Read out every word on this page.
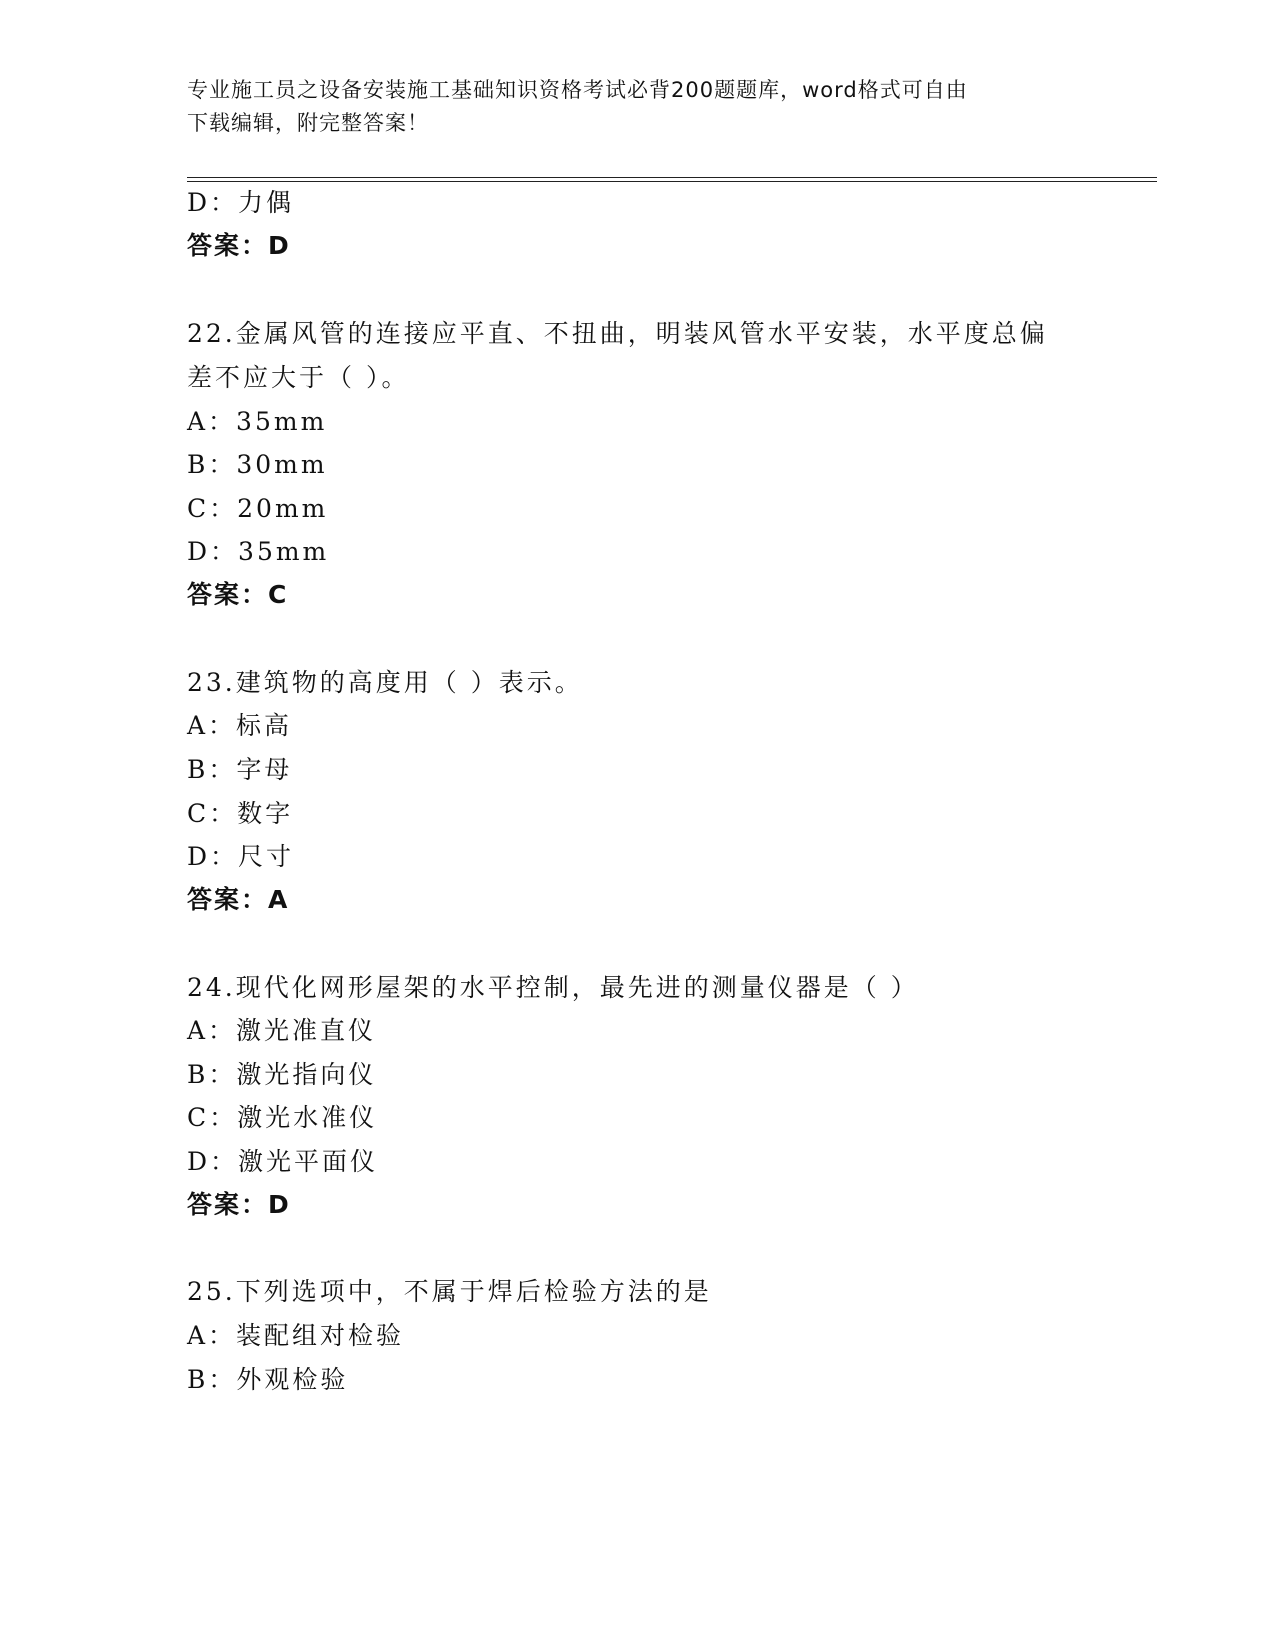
专业施工员之设备安装施工基础知识资格考试必背200题题库，word格式可自由
下载编辑，附完整答案！
D：力偶
答案：D
22.金属风管的连接应平直、不扭曲，明装风管水平安装，水平度总偏
差不应大于（ ）。
A：35mm
B：30mm
C：20mm
D：35mm
答案：C
23.建筑物的高度用（ ）表示。
A：标高
B：字母
C：数字
D：尺寸
答案：A
24.现代化网形屋架的水平控制，最先进的测量仪器是（ ）
A：激光准直仪
B：激光指向仪
C：激光水准仪
D：激光平面仪
答案：D
25.下列选项中，不属于焊后检验方法的是
A：装配组对检验
B：外观检验
